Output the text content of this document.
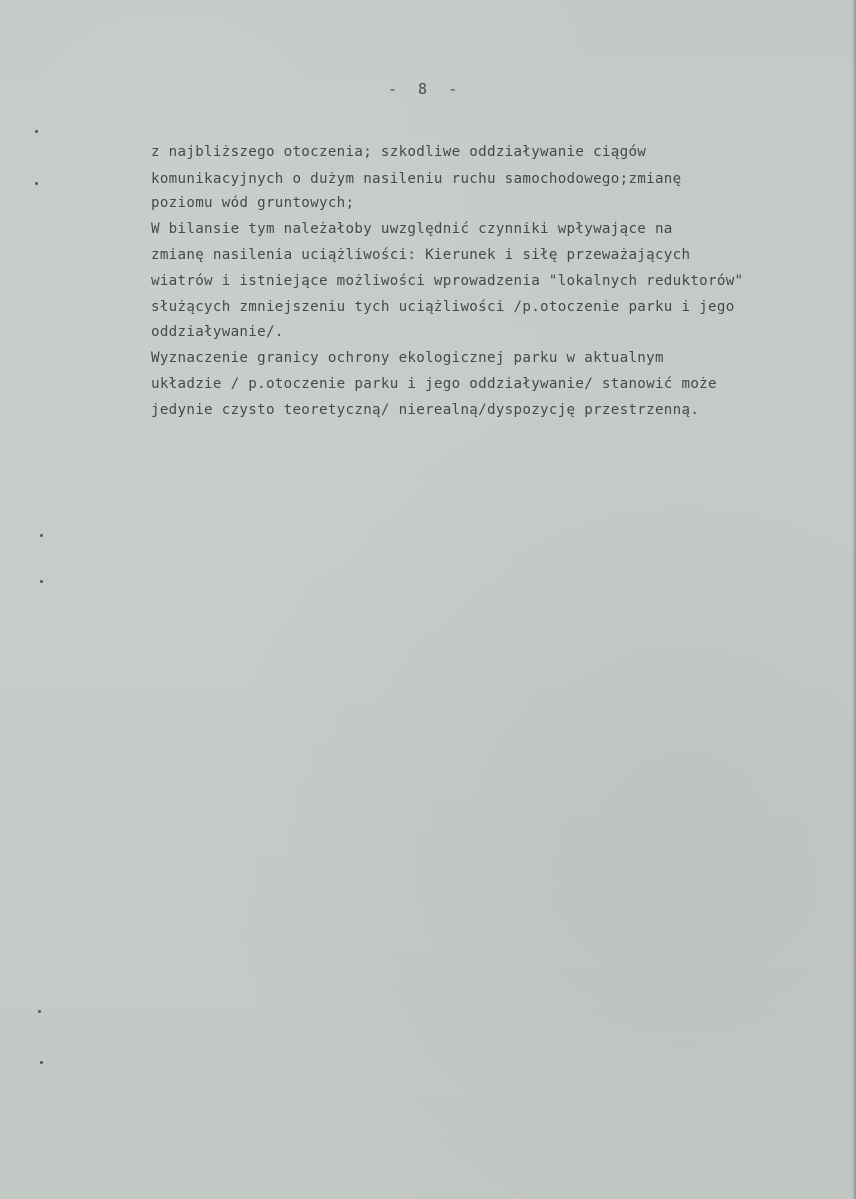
- 8 -
z najbliższego otoczenia; szkodliwe oddziaływanie ciągów
komunikacyjnych o dużym nasileniu ruchu samochodowego;zmianę
poziomu wód gruntowych;
W bilansie tym należałoby uwzględnić czynniki wpływające na
zmianę nasilenia uciążliwości: Kierunek i siłę przeważających
wiatrów i istniejące możliwości wprowadzenia "lokalnych reduktorów"
służących zmniejszeniu tych uciążliwości /p.otoczenie parku i jego
oddziaływanie/.
Wyznaczenie granicy ochrony ekologicznej parku w aktualnym
układzie / p.otoczenie parku i jego oddziaływanie/ stanowić może
jedynie czysto teoretyczną/ nierealną/dyspozycję przestrzenną.
